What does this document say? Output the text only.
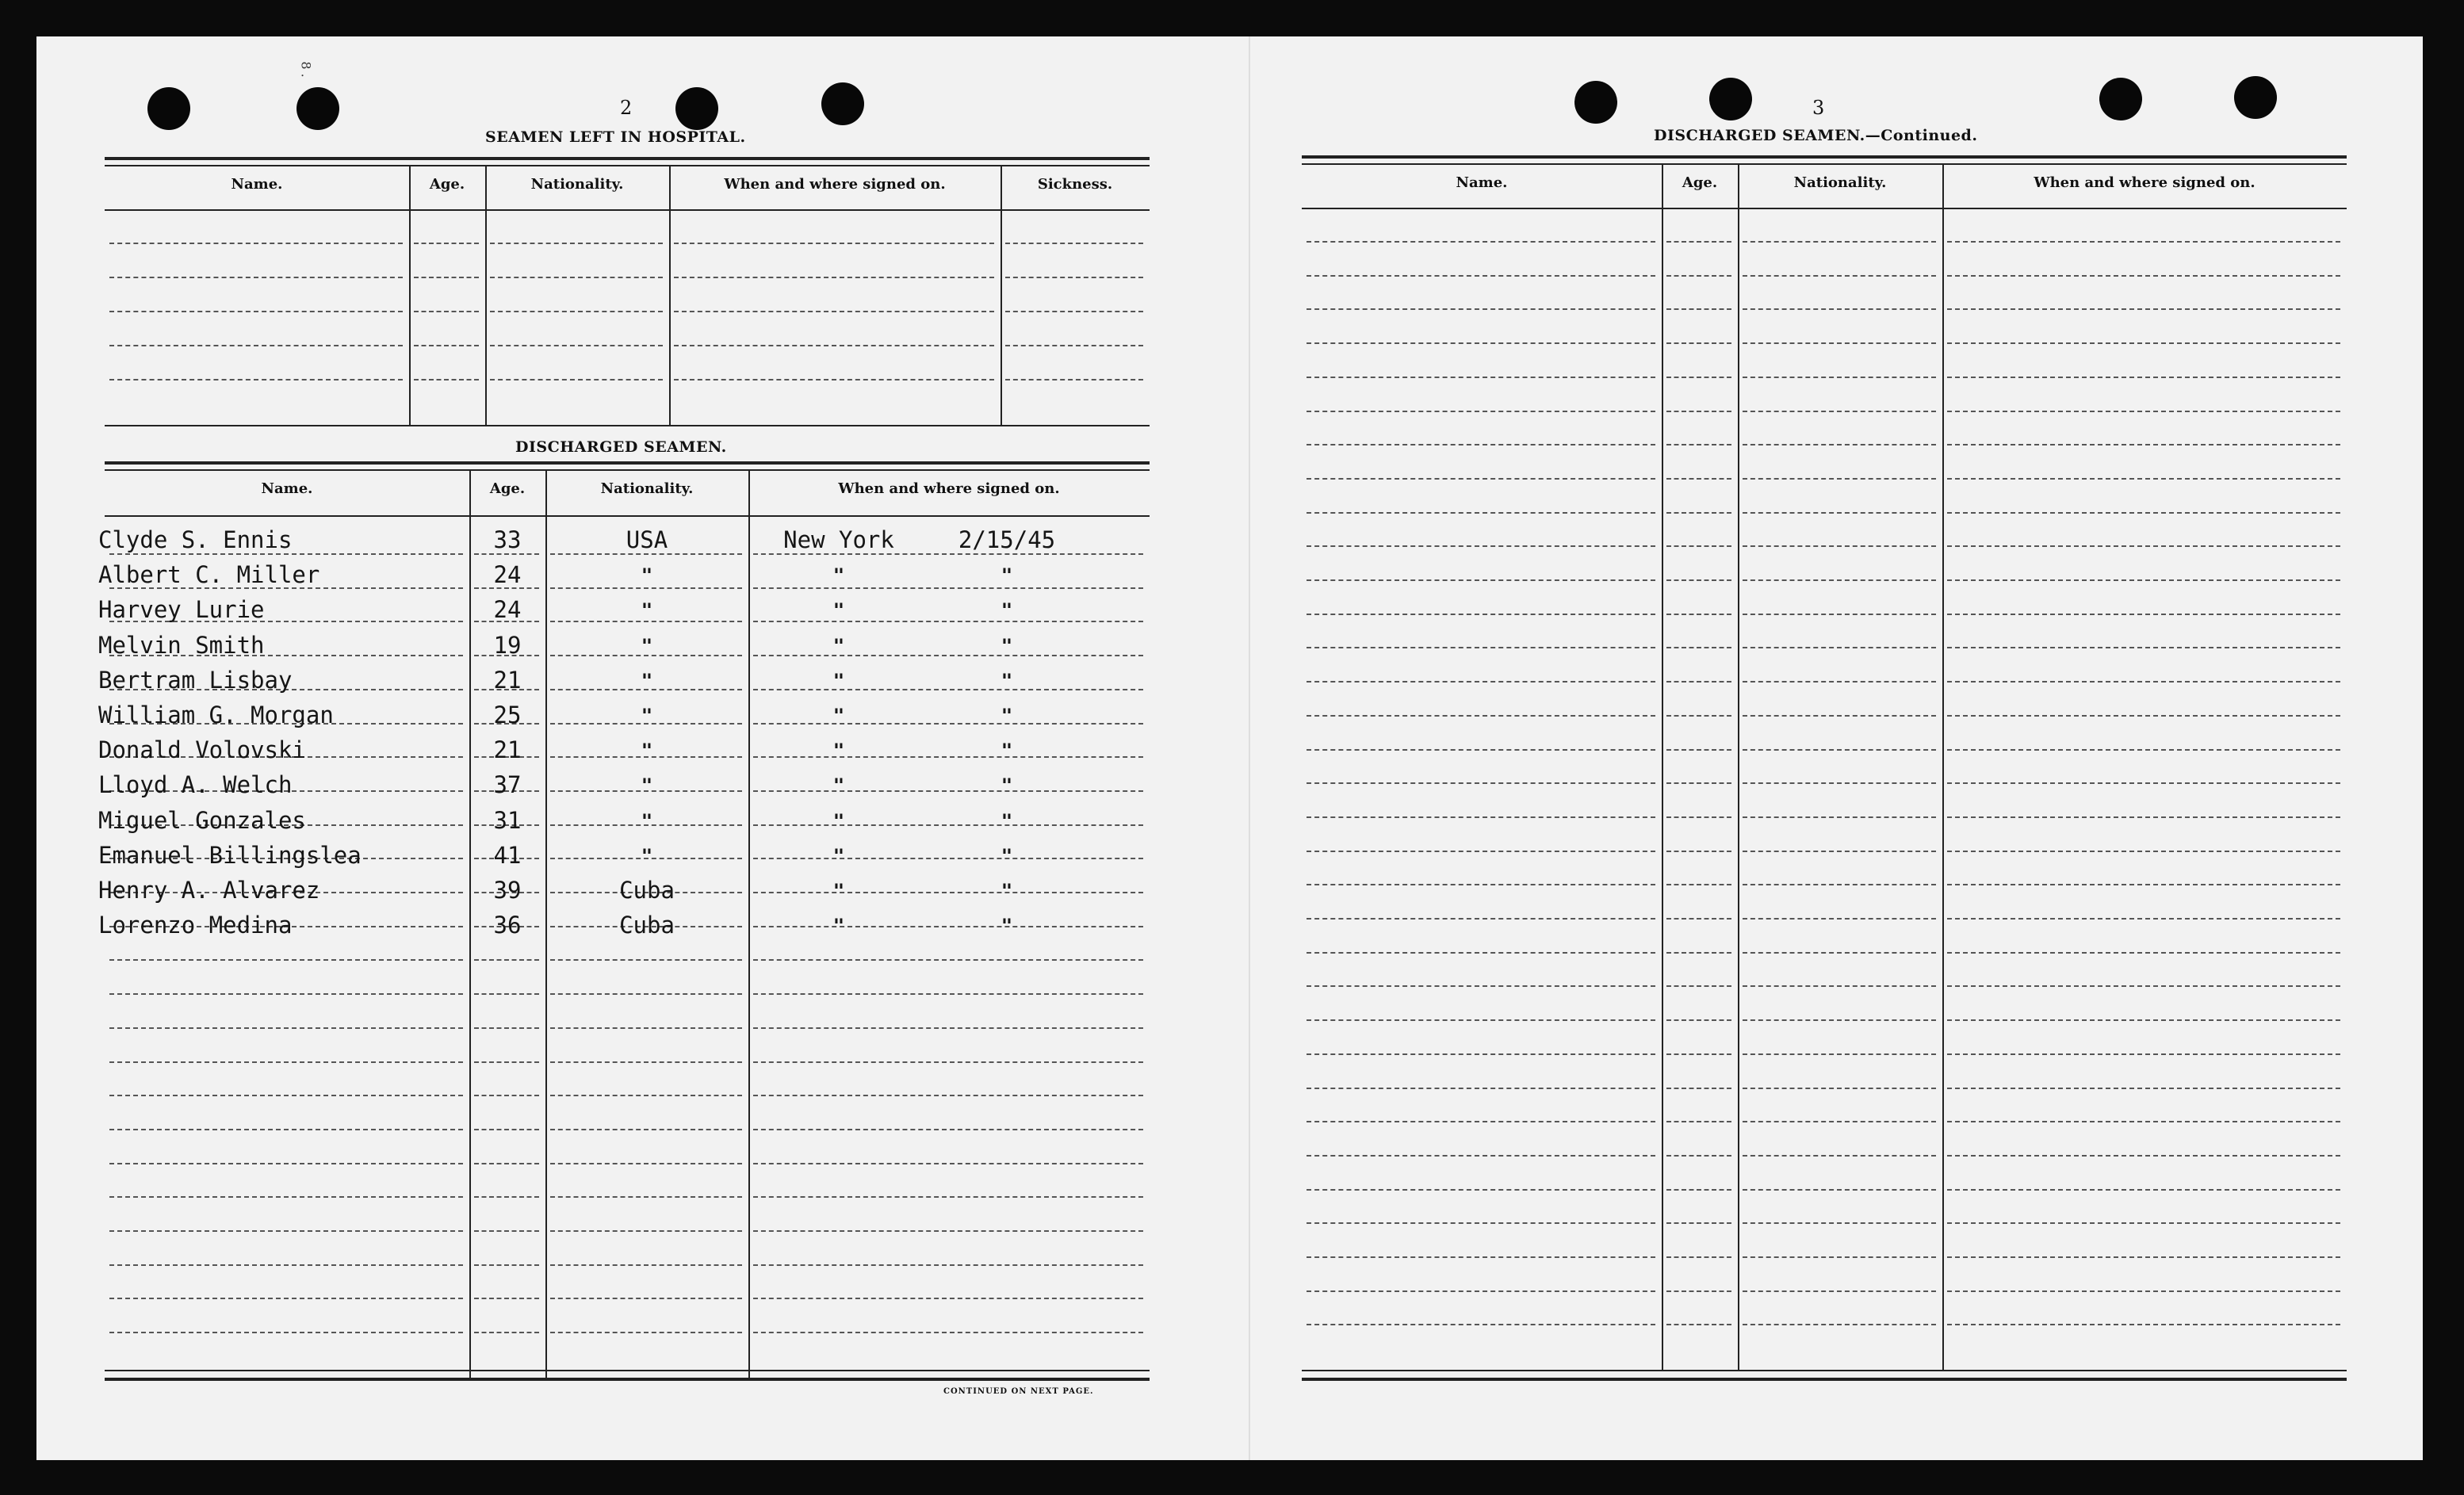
8 .
2
SEAMEN LEFT IN HOSPITAL.
Name.	Age.	Nationality.	When and where signed on.	Sickness.
DISCHARGED SEAMEN.
Name.	Age.	Nationality.	When and where signed on.
Clyde S. Ennis	33	USA	New York	2/15/45
Albert C. Miller	24	"	"	"
Harvey Lurie	24	"	"	"
Melvin Smith	19	"	"	"
Bertram Lisbay	21	"	"	"
William G. Morgan	25	"	"	"
Donald Volovski	21	"	"	"
Lloyd A. Welch	37	"	"	"
Miguel Gonzales	31	"	"	"
Emanuel Billingslea	41	"	"	"
Henry A. Alvarez	39	Cuba	"	"
Lorenzo Medina	36	Cuba	"	"
CONTINUED ON NEXT PAGE.
3
DISCHARGED SEAMEN.—Continued.
Name.	Age.	Nationality.	When and where signed on.
